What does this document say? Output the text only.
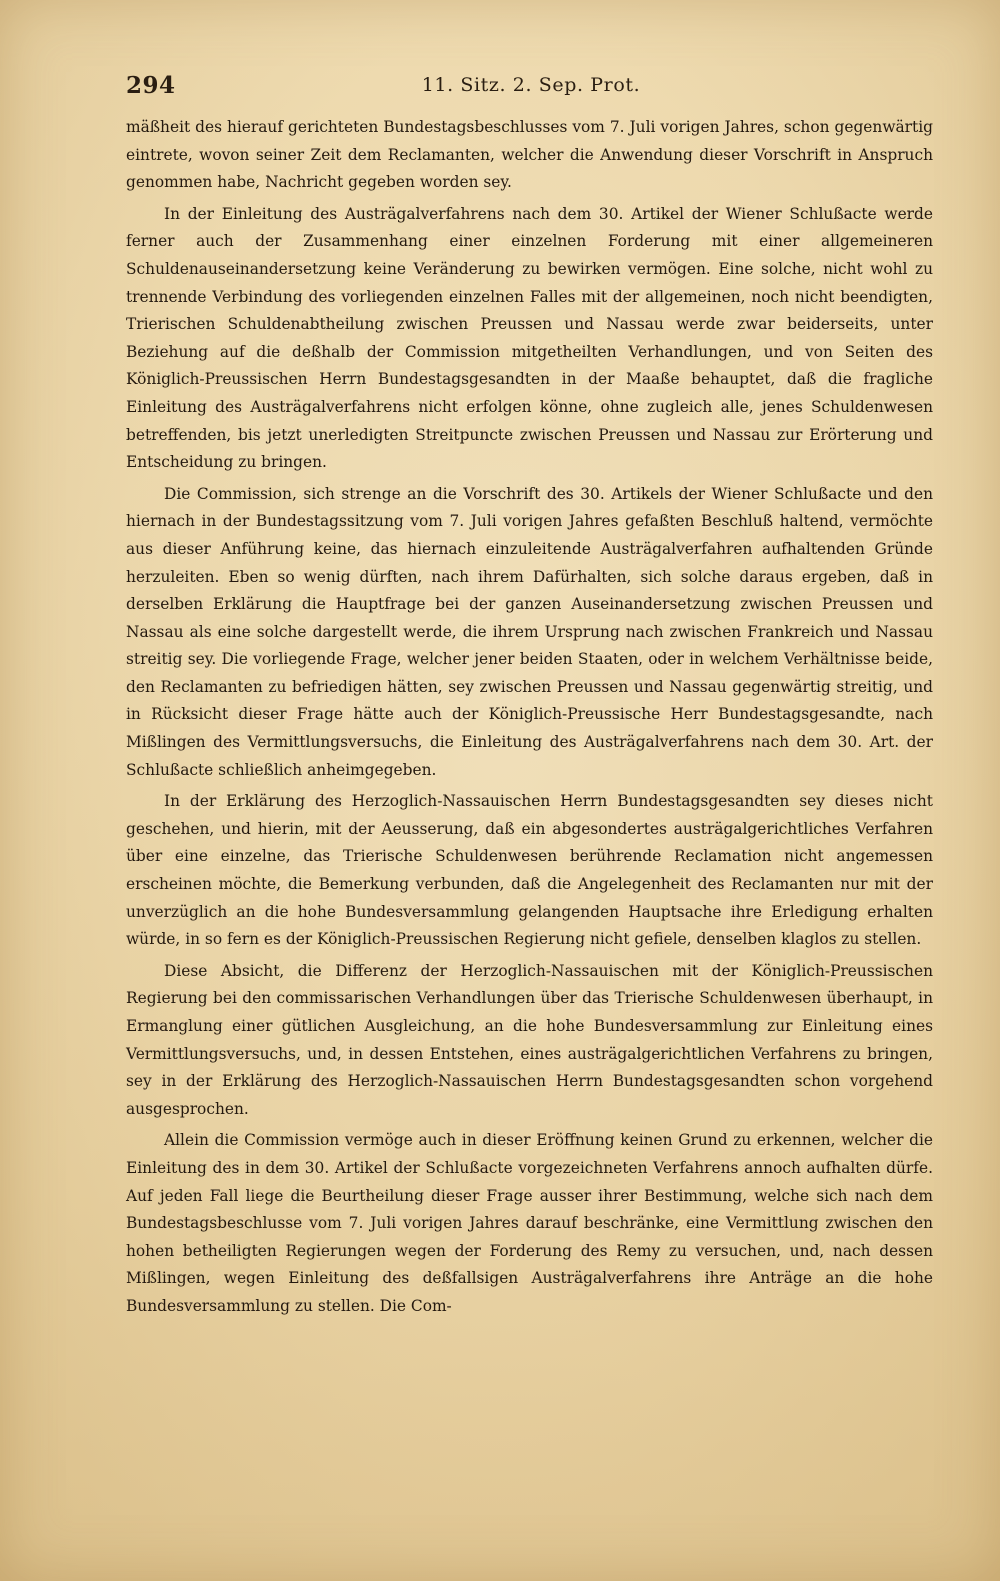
294	11. Sitz. 2. Sep. Prot.

mäßheit des hierauf gerichteten Bundestagsbeschlusses vom 7. Juli vorigen Jahres, schon gegenwärtig eintrete, wovon seiner Zeit dem Reclamanten, welcher die Anwendung dieser Vorschrift in Anspruch genommen habe, Nachricht gegeben worden sey.

In der Einleitung des Austrägalverfahrens nach dem 30. Artikel der Wiener Schlußacte werde ferner auch der Zusammenhang einer einzelnen Forderung mit einer allgemeineren Schuldenauseinandersetzung keine Veränderung zu bewirken vermögen. Eine solche, nicht wohl zu trennende Verbindung des vorliegenden einzelnen Falles mit der allgemeinen, noch nicht beendigten, Trierischen Schuldenabtheilung zwischen Preussen und Nassau werde zwar beiderseits, unter Beziehung auf die deßhalb der Commission mitgetheilten Verhandlungen, und von Seiten des Königlich-Preussischen Herrn Bundestagsgesandten in der Maaße behauptet, daß die fragliche Einleitung des Austrägalverfahrens nicht erfolgen könne, ohne zugleich alle, jenes Schuldenwesen betreffenden, bis jetzt unerledigten Streitpuncte zwischen Preussen und Nassau zur Erörterung und Entscheidung zu bringen.

Die Commission, sich strenge an die Vorschrift des 30. Artikels der Wiener Schlußacte und den hiernach in der Bundestagssitzung vom 7. Juli vorigen Jahres gefaßten Beschluß haltend, vermöchte aus dieser Anführung keine, das hiernach einzuleitende Austrägalverfahren aufhaltenden Gründe herzuleiten. Eben so wenig dürften, nach ihrem Dafürhalten, sich solche daraus ergeben, daß in derselben Erklärung die Hauptfrage bei der ganzen Auseinandersetzung zwischen Preussen und Nassau als eine solche dargestellt werde, die ihrem Ursprung nach zwischen Frankreich und Nassau streitig sey. Die vorliegende Frage, welcher jener beiden Staaten, oder in welchem Verhältnisse beide, den Reclamanten zu befriedigen hätten, sey zwischen Preussen und Nassau gegenwärtig streitig, und in Rücksicht dieser Frage hätte auch der Königlich-Preussische Herr Bundestagsgesandte, nach Mißlingen des Vermittlungsversuchs, die Einleitung des Austrägalverfahrens nach dem 30. Art. der Schlußacte schließlich anheimgegeben.

In der Erklärung des Herzoglich-Nassauischen Herrn Bundestagsgesandten sey dieses nicht geschehen, und hierin, mit der Aeusserung, daß ein abgesondertes austrägalgerichtliches Verfahren über eine einzelne, das Trierische Schuldenwesen berührende Reclamation nicht angemessen erscheinen möchte, die Bemerkung verbunden, daß die Angelegenheit des Reclamanten nur mit der unverzüglich an die hohe Bundesversammlung gelangenden Hauptsache ihre Erledigung erhalten würde, in so fern es der Königlich-Preussischen Regierung nicht gefiele, denselben klaglos zu stellen.

Diese Absicht, die Differenz der Herzoglich-Nassauischen mit der Königlich-Preussischen Regierung bei den commissarischen Verhandlungen über das Trierische Schuldenwesen überhaupt, in Ermanglung einer gütlichen Ausgleichung, an die hohe Bundesversammlung zur Einleitung eines Vermittlungsversuchs, und, in dessen Entstehen, eines austrägalgerichtlichen Verfahrens zu bringen, sey in der Erklärung des Herzoglich-Nassauischen Herrn Bundestagsgesandten schon vorgehend ausgesprochen.

Allein die Commission vermöge auch in dieser Eröffnung keinen Grund zu erkennen, welcher die Einleitung des in dem 30. Artikel der Schlußacte vorgezeichneten Verfahrens annoch aufhalten dürfe. Auf jeden Fall liege die Beurtheilung dieser Frage ausser ihrer Bestimmung, welche sich nach dem Bundestagsbeschlusse vom 7. Juli vorigen Jahres darauf beschränke, eine Vermittlung zwischen den hohen betheiligten Regierungen wegen der Forderung des Remy zu versuchen, und, nach dessen Mißlingen, wegen Einleitung des deßfallsigen Austrägalverfahrens ihre Anträge an die hohe Bundesversammlung zu stellen. Die Com-
